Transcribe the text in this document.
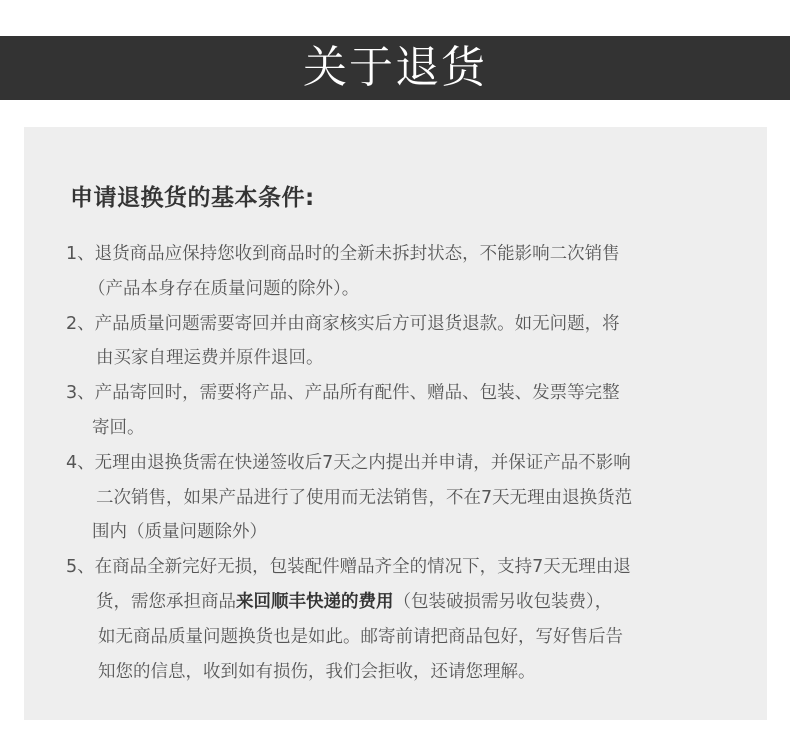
关于退货
申请退换货的基本条件:
1、退货商品应保持您收到商品时的全新未拆封状态，不能影响二次销售
（产品本身存在质量问题的除外）。
2、产品质量问题需要寄回并由商家核实后方可退货退款。如无问题，将
由买家自理运费并原件退回。
3、产品寄回时，需要将产品、产品所有配件、赠品、包装、发票等完整
寄回。
4、无理由退换货需在快递签收后7天之内提出并申请，并保证产品不影响
二次销售，如果产品进行了使用而无法销售，不在7天无理由退换货范
围内（质量问题除外）
5、在商品全新完好无损，包装配件赠品齐全的情况下，支持7天无理由退
货，需您承担商品来回顺丰快递的费用（包装破损需另收包装费），
如无商品质量问题换货也是如此。邮寄前请把商品包好，写好售后告
知您的信息，收到如有损伤，我们会拒收，还请您理解。
